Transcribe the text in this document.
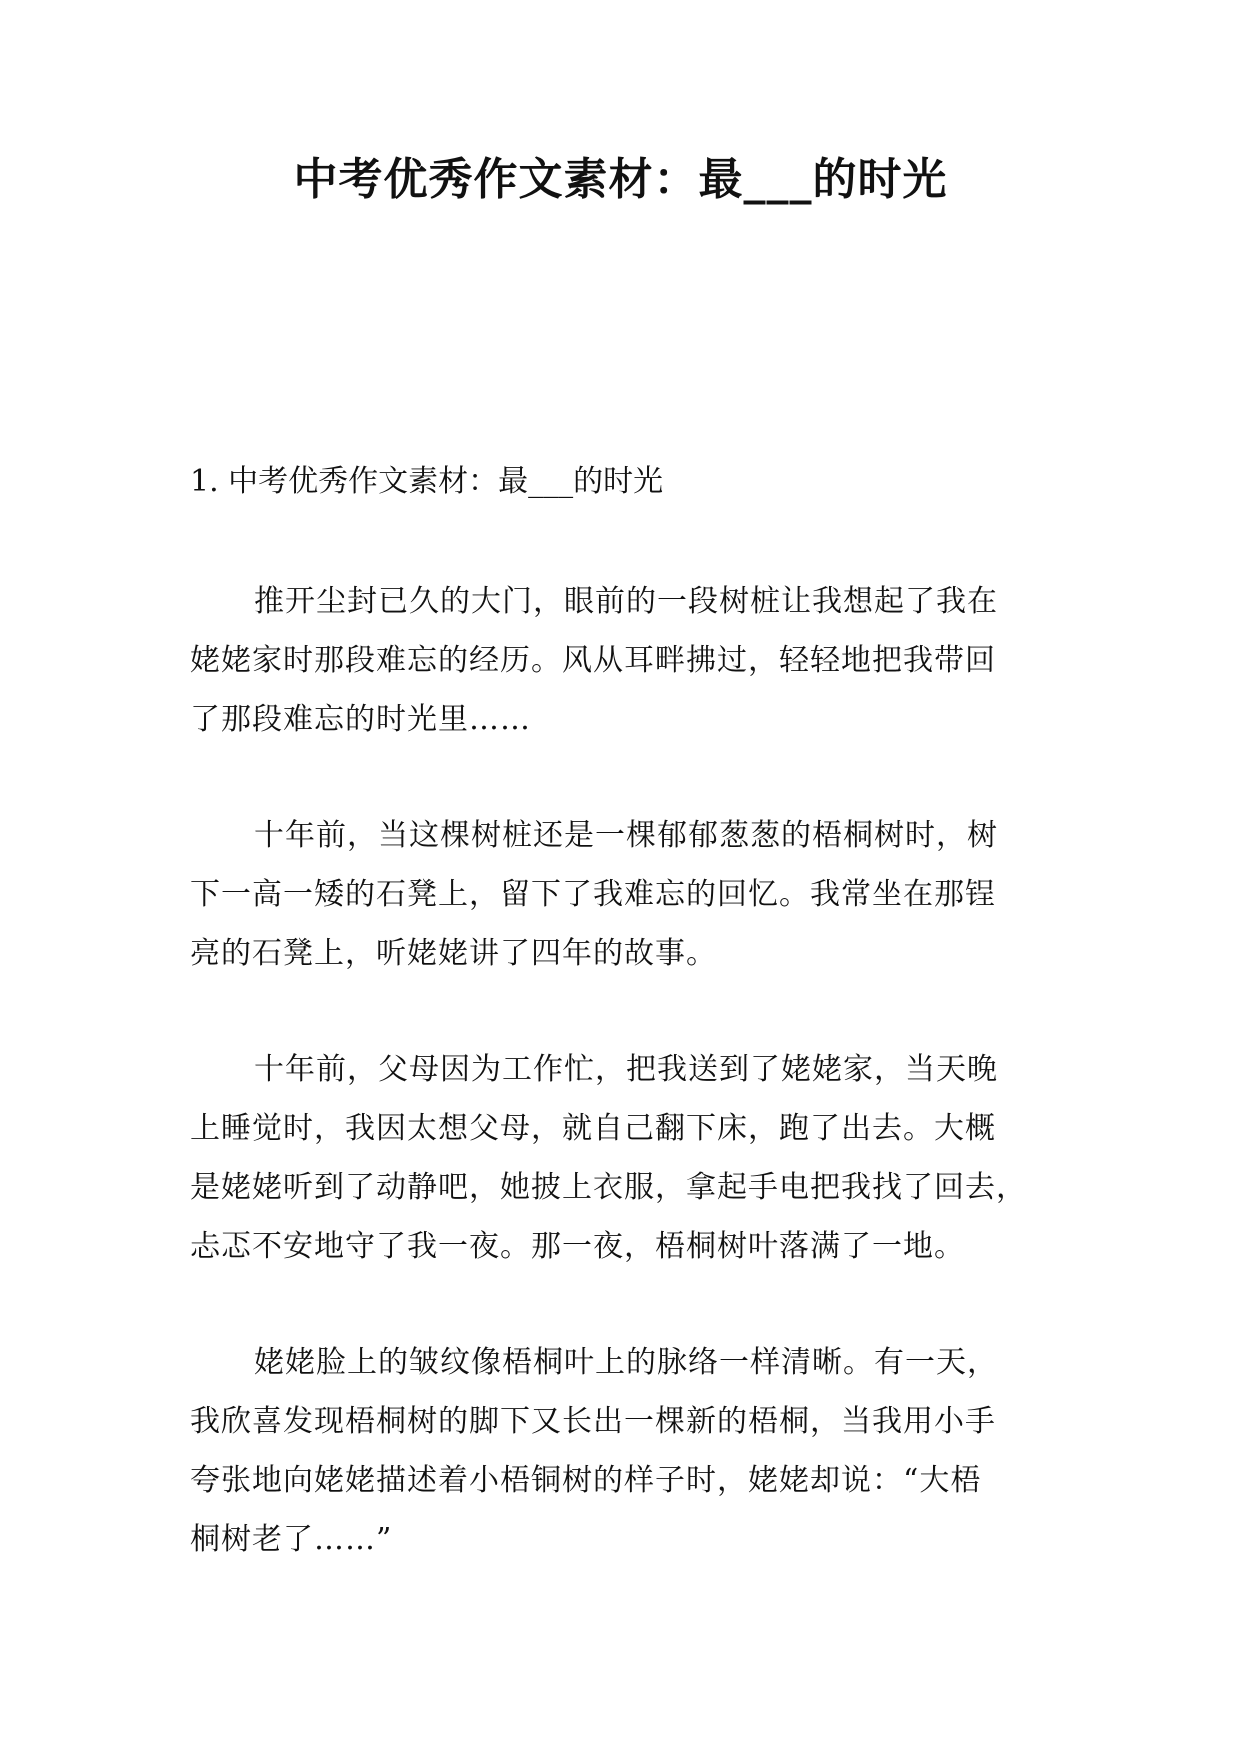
中考优秀作文素材：最___的时光
1. 中考优秀作文素材：最___的时光
推开尘封已久的大门，眼前的一段树桩让我想起了我在
姥姥家时那段难忘的经历。风从耳畔拂过，轻轻地把我带回
了那段难忘的时光里……
十年前，当这棵树桩还是一棵郁郁葱葱的梧桐树时，树
下一高一矮的石凳上，留下了我难忘的回忆。我常坐在那锃
亮的石凳上，听姥姥讲了四年的故事。
十年前，父母因为工作忙，把我送到了姥姥家，当天晚
上睡觉时，我因太想父母，就自己翻下床，跑了出去。大概
是姥姥听到了动静吧，她披上衣服，拿起手电把我找了回去，
忐忑不安地守了我一夜。那一夜，梧桐树叶落满了一地。
姥姥脸上的皱纹像梧桐叶上的脉络一样清晰。有一天，
我欣喜发现梧桐树的脚下又长出一棵新的梧桐，当我用小手
夸张地向姥姥描述着小梧铜树的样子时，姥姥却说：“大梧
桐树老了……”
